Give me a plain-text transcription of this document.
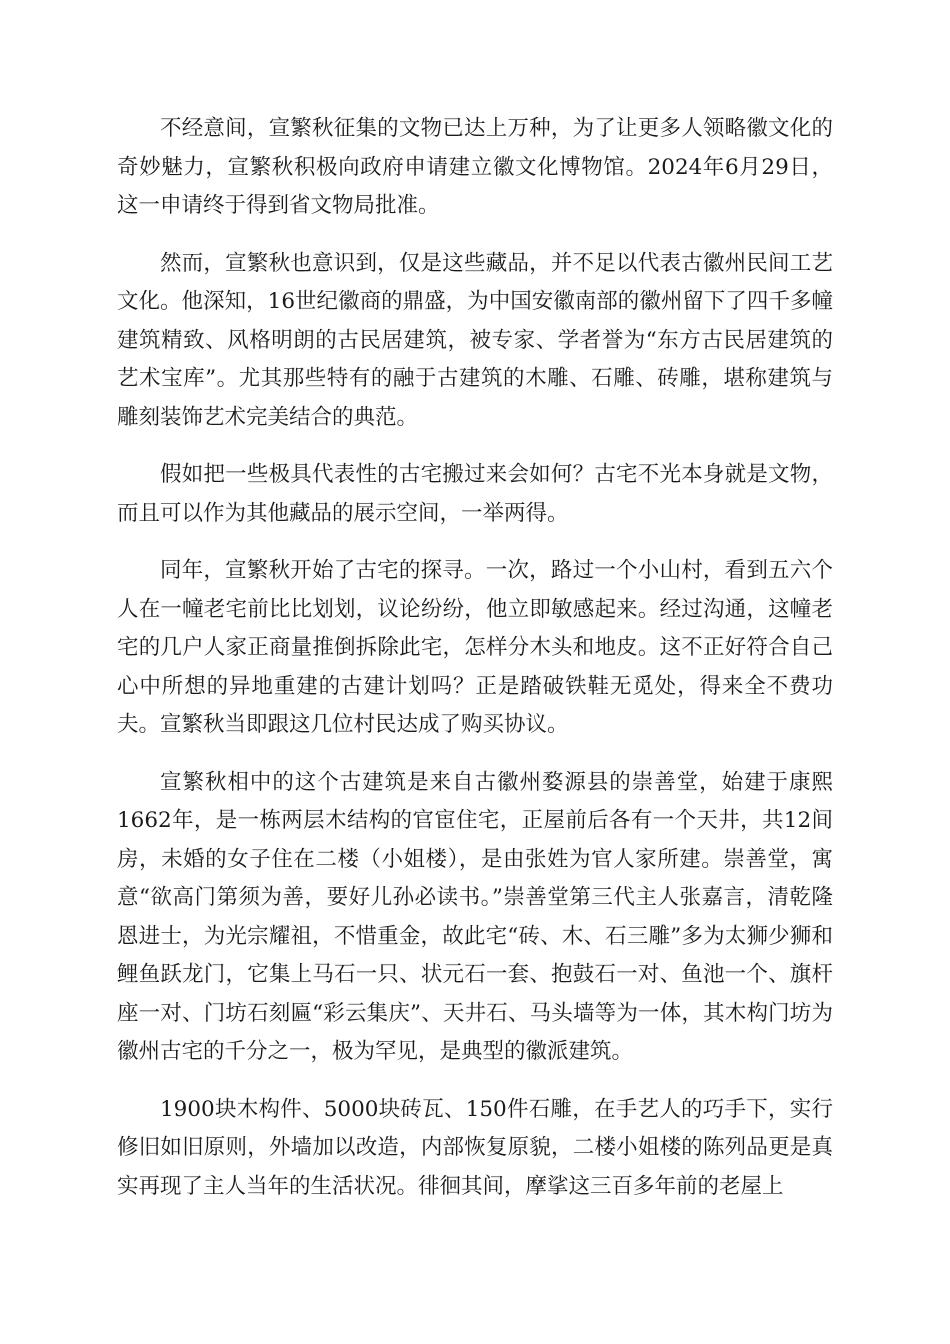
不经意间，宣繁秋征集的文物已达上万种，为了让更多人领略徽文化的奇妙魅力，宣繁秋积极向政府申请建立徽文化博物馆。2024年6月29日，这一申请终于得到省文物局批准。

然而，宣繁秋也意识到，仅是这些藏品，并不足以代表古徽州民间工艺文化。他深知，16世纪徽商的鼎盛，为中国安徽南部的徽州留下了四千多幢建筑精致、风格明朗的古民居建筑，被专家、学者誉为“东方古民居建筑的艺术宝库”。尤其那些特有的融于古建筑的木雕、石雕、砖雕，堪称建筑与雕刻装饰艺术完美结合的典范。

假如把一些极具代表性的古宅搬过来会如何？古宅不光本身就是文物，而且可以作为其他藏品的展示空间，一举两得。

同年，宣繁秋开始了古宅的探寻。一次，路过一个小山村，看到五六个人在一幢老宅前比比划划，议论纷纷，他立即敏感起来。经过沟通，这幢老宅的几户人家正商量推倒拆除此宅，怎样分木头和地皮。这不正好符合自己心中所想的异地重建的古建计划吗？正是踏破铁鞋无觅处，得来全不费功夫。宣繁秋当即跟这几位村民达成了购买协议。

宣繁秋相中的这个古建筑是来自古徽州婺源县的崇善堂，始建于康熙1662年，是一栋两层木结构的官宦住宅，正屋前后各有一个天井，共12间房，未婚的女子住在二楼（小姐楼），是由张姓为官人家所建。崇善堂，寓意“欲高门第须为善，要好儿孙必读书。”崇善堂第三代主人张嘉言，清乾隆恩进士，为光宗耀祖，不惜重金，故此宅“砖、木、石三雕”多为太狮少狮和鲤鱼跃龙门，它集上马石一只、状元石一套、抱鼓石一对、鱼池一个、旗杆座一对、门坊石刻匾“彩云集庆”、天井石、马头墙等为一体，其木构门坊为徽州古宅的千分之一，极为罕见，是典型的徽派建筑。

1900块木构件、5000块砖瓦、150件石雕，在手艺人的巧手下，实行修旧如旧原则，外墙加以改造，内部恢复原貌，二楼小姐楼的陈列品更是真实再现了主人当年的生活状况。徘徊其间，摩挲这三百多年前的老屋上
